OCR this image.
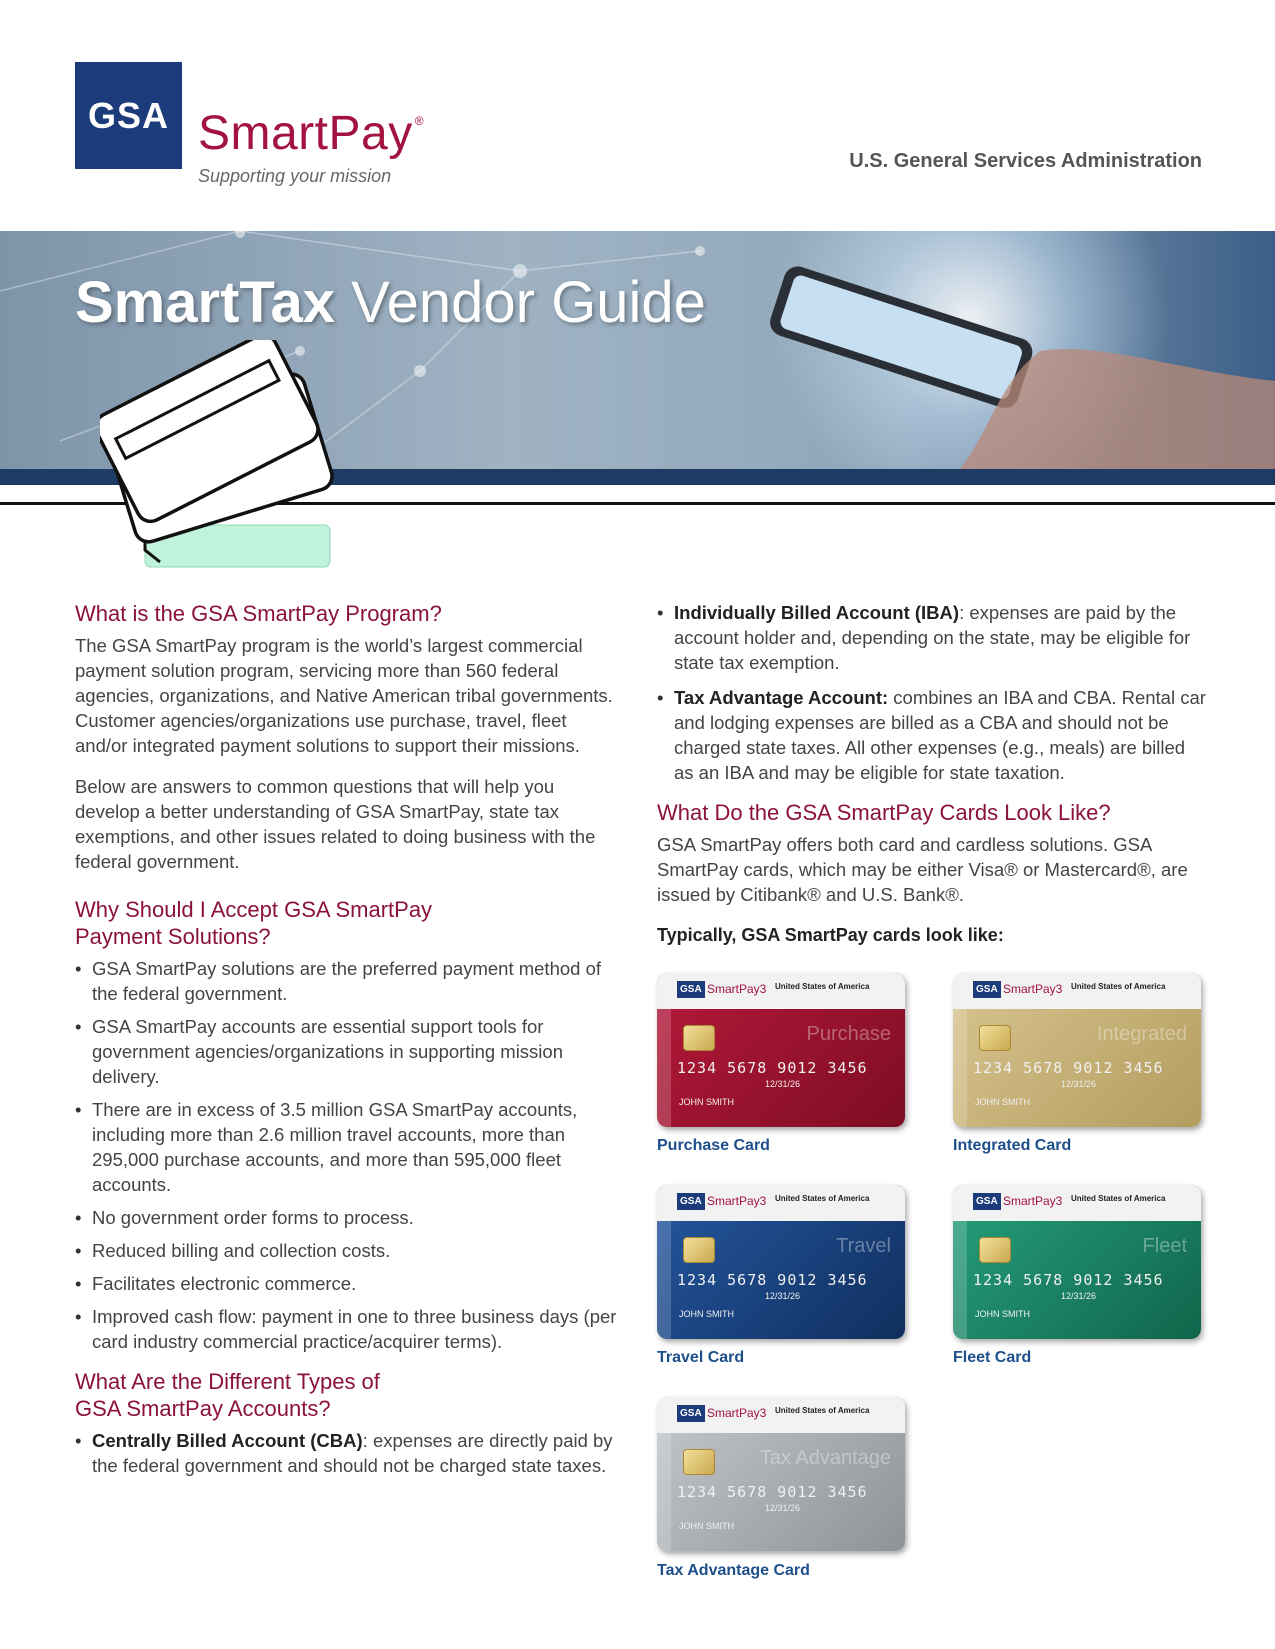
GSA SmartPay ®
Supporting your mission
U.S. General Services Administration
SmartTax Vendor Guide
What is the GSA SmartPay Program?

The GSA SmartPay program is the world’s largest commercial payment solution program, servicing more than 560 federal agencies, organizations, and Native American tribal governments. Customer agencies/organizations use purchase, travel, fleet and/or integrated payment solutions to support their missions.

Below are answers to common questions that will help you develop a better understanding of GSA SmartPay, state tax exemptions, and other issues related to doing business with the federal government.

Why Should I Accept GSA SmartPay
Payment Solutions?
• GSA SmartPay solutions are the preferred payment method of the federal government.
• GSA SmartPay accounts are essential support tools for government agencies/organizations in supporting mission delivery.
• There are in excess of 3.5 million GSA SmartPay accounts, including more than 2.6 million travel accounts, more than 295,000 purchase accounts, and more than 595,000 fleet accounts.
• No government order forms to process.
• Reduced billing and collection costs.
• Facilitates electronic commerce.
• Improved cash flow: payment in one to three business days (per card industry commercial practice/acquirer terms).
What Are the Different Types of
GSA SmartPay Accounts?
• Centrally Billed Account (CBA): expenses are directly paid by the federal government and should not be charged state taxes.
• Individually Billed Account (IBA): expenses are paid by the account holder and, depending on the state, may be eligible for state tax exemption.
• Tax Advantage Account: combines an IBA and CBA. Rental car and lodging expenses are billed as a CBA and should not be charged state taxes. All other expenses (e.g., meals) are billed as an IBA and may be eligible for state taxation.
What Do the GSA SmartPay Cards Look Like?

GSA SmartPay offers both card and cardless solutions. GSA SmartPay cards, which may be either Visa® or Mastercard®, are issued by Citibank® and U.S. Bank®.

Typically, GSA SmartPay cards look like:
GSA SmartPay3 United States of America
Purchase
1234 5678 9012 3456
12/31/26
JOHN SMITH
Purchase Card
GSA SmartPay3 United States of America
Integrated
1234 5678 9012 3456
12/31/26
JOHN SMITH
Integrated Card
GSA SmartPay3 United States of America
Travel
1234 5678 9012 3456
12/31/26
JOHN SMITH
Travel Card
GSA SmartPay3 United States of America
Fleet
1234 5678 9012 3456
12/31/26
JOHN SMITH
Fleet Card
GSA SmartPay3 United States of America
Tax Advantage
1234 5678 9012 3456
12/31/26
JOHN SMITH
Tax Advantage Card
